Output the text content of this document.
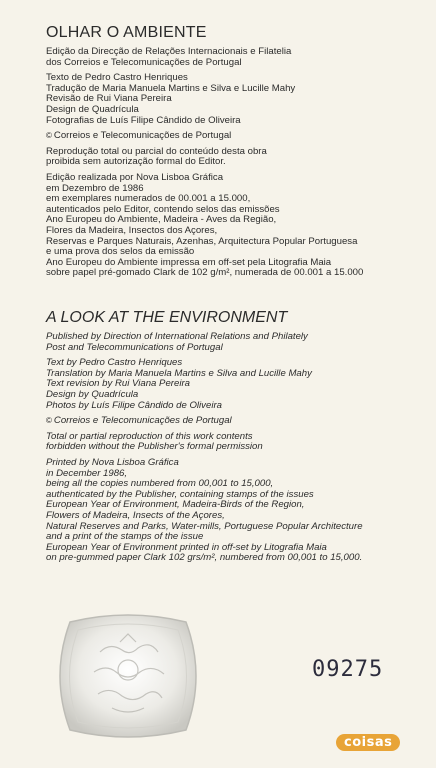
OLHAR O AMBIENTE
Edição da Direcção de Relações Internacionais e Filatelia
dos Correios e Telecomunicações de Portugal
Texto de Pedro Castro Henriques
Tradução de Maria Manuela Martins e Silva e Lucille Mahy
Revisão de Rui Viana Pereira
Design de Quadrícula
Fotografias de Luís Filipe Cândido de Oliveira
© Correios e Telecomunicações de Portugal
Reprodução total ou parcial do conteúdo desta obra
proibida sem autorização formal do Editor.
Edição realizada por Nova Lisboa Gráfica
em Dezembro de 1986
em exemplares numerados de 00.001 a 15.000,
autenticados pelo Editor, contendo selos das emissões
Ano Europeu do Ambiente, Madeira - Aves da Região,
Flores da Madeira, Insectos dos Açores,
Reservas e Parques Naturais, Azenhas, Arquitectura Popular Portuguesa
e uma prova dos selos da emissão
Ano Europeu do Ambiente impressa em off-set pela Litografia Maia
sobre papel pré-gomado Clark de 102 g/m², numerada de 00.001 a 15.000
A LOOK AT THE ENVIRONMENT
Published by Direction of International Relations and Philately
Post and Telecommunications of Portugal
Text by Pedro Castro Henriques
Translation by Maria Manuela Martins e Silva and Lucille Mahy
Text revision by Rui Viana Pereira
Design by Quadrícula
Photos by Luís Filipe Cândido de Oliveira
© Correios e Telecomunicações de Portugal
Total or partial reproduction of this work contents
forbidden without the Publisher's formal permission
Printed by Nova Lisboa Gráfica
in December 1986,
being all the copies numbered from 00,001 to 15,000,
authenticated by the Publisher, containing stamps of the issues
European Year of Environment, Madeira-Birds of the Region,
Flowers of Madeira, Insects of the Açores,
Natural Reserves and Parks, Water-mills, Portuguese Popular Architecture
and a print of the stamps of the issue
European Year of Environment printed in off-set by Litografia Maia
on pre-gummed paper Clark 102 grs/m², numbered from 00,001 to 15,000.
09275
coisas
